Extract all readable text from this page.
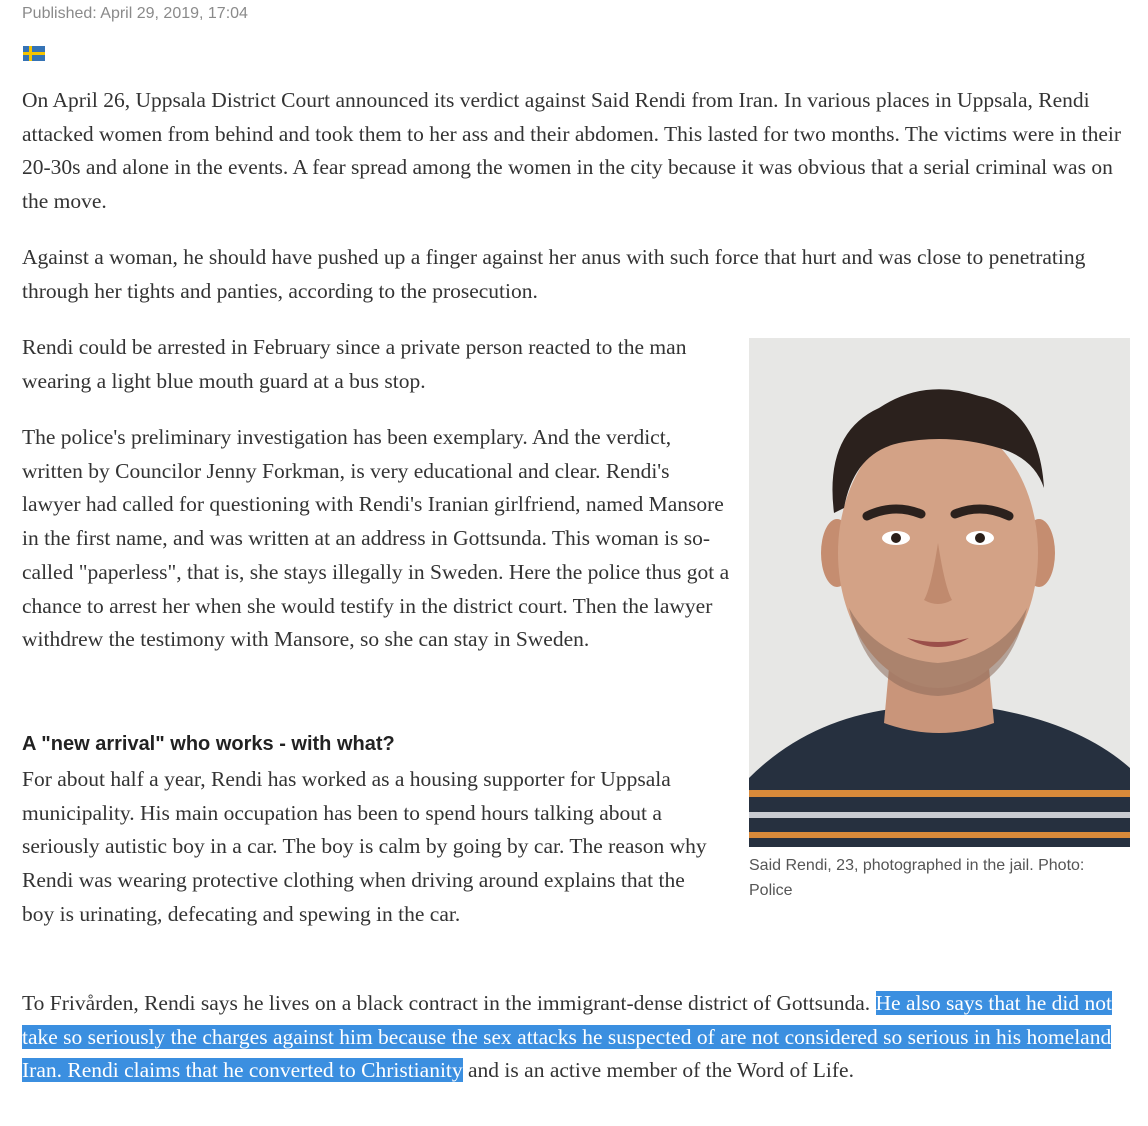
Published: April 29, 2019, 17:04

On April 26, Uppsala District Court announced its verdict against Said Rendi from Iran. In various places in Uppsala, Rendi attacked women from behind and took them to her ass and their abdomen. This lasted for two months. The victims were in their 20-30s and alone in the events. A fear spread among the women in the city because it was obvious that a serial criminal was on the move.

Against a woman, he should have pushed up a finger against her anus with such force that hurt and was close to penetrating through her tights and panties, according to the prosecution.

Rendi could be arrested in February since a private person reacted to the man wearing a light blue mouth guard at a bus stop.

The police's preliminary investigation has been exemplary. And the verdict, written by Councilor Jenny Forkman, is very educational and clear. Rendi's lawyer had called for questioning with Rendi's Iranian girlfriend, named Mansore in the first name, and was written at an address in Gottsunda. This woman is so-called "paperless", that is, she stays illegally in Sweden. Here the police thus got a chance to arrest her when she would testify in the district court. Then the lawyer withdrew the testimony with Mansore, so she can stay in Sweden.

A "new arrival" who works - with what?

For about half a year, Rendi has worked as a housing supporter for Uppsala municipality. His main occupation has been to spend hours talking about a seriously autistic boy in a car. The boy is calm by going by car. The reason why Rendi was wearing protective clothing when driving around explains that the boy is urinating, defecating and spewing in the car.

To Frivården, Rendi says he lives on a black contract in the immigrant-dense district of Gottsunda. He also says that he did not take so seriously the charges against him because the sex attacks he suspected of are not considered so serious in his homeland Iran. Rendi claims that he converted to Christianity and is an active member of the Word of Life.

Said Rendi, 23, photographed in the jail. Photo: Police
